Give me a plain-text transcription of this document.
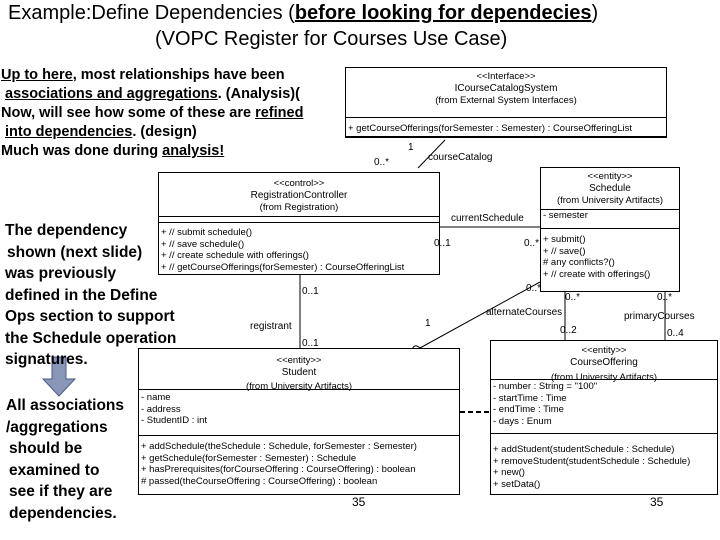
Example:Define Dependencies (before looking for dependecies)
(VOPC Register for Courses Use Case)
Up to here, most relationships have been
associations and aggregations. (Analysis)(
Now, will see how some of these are refined
into dependencies. (design)
Much was done during analysis!
The dependency
shown (next slide)
was previously
defined in the Define
Ops section to support
the Schedule operation
signatures.
All associations
/aggregations
should be
examined to
see if they are
dependencies.
<<Interface>>
ICourseCatalogSystem
(from External System Interfaces)
+ getCourseOfferings(forSemester : Semester) : CourseOfferingList
<<control>>
RegistrationController
(from Registration)
+ // submit schedule()
+ // save schedule()
+ // create schedule with offerings()
+ // getCourseOfferings(forSemester) : CourseOfferingList
<<entity>>
Schedule
(from University Artifacts)
- semester
+ submit()
+ // save()
# any conflicts?()
+ // create with offerings()
<<entity>>
Student
(from University Artifacts)
- name
- address
- StudentID : int
+ addSchedule(theSchedule : Schedule, forSemester : Semester)
+ getSchedule(forSemester : Semester) : Schedule
+ hasPrerequisites(forCourseOffering : CourseOffering) : boolean
# passed(theCourseOffering : CourseOffering) : boolean
<<entity>>
CourseOffering
(from University Artifacts)
- number : String = "100"
- startTime : Time
- endTime : Time
- days : Enum
+ addStudent(studentSchedule : Schedule)
+ removeStudent(studentSchedule : Schedule)
+ new()
+ setData()
1
0..*	courseCatalog
currentSchedule
0..1	0..*
0..1
registrant
0..1
1
0..*
alternateCourses
0..*
0..2
0..*
primaryCourses
0..4
35	35
